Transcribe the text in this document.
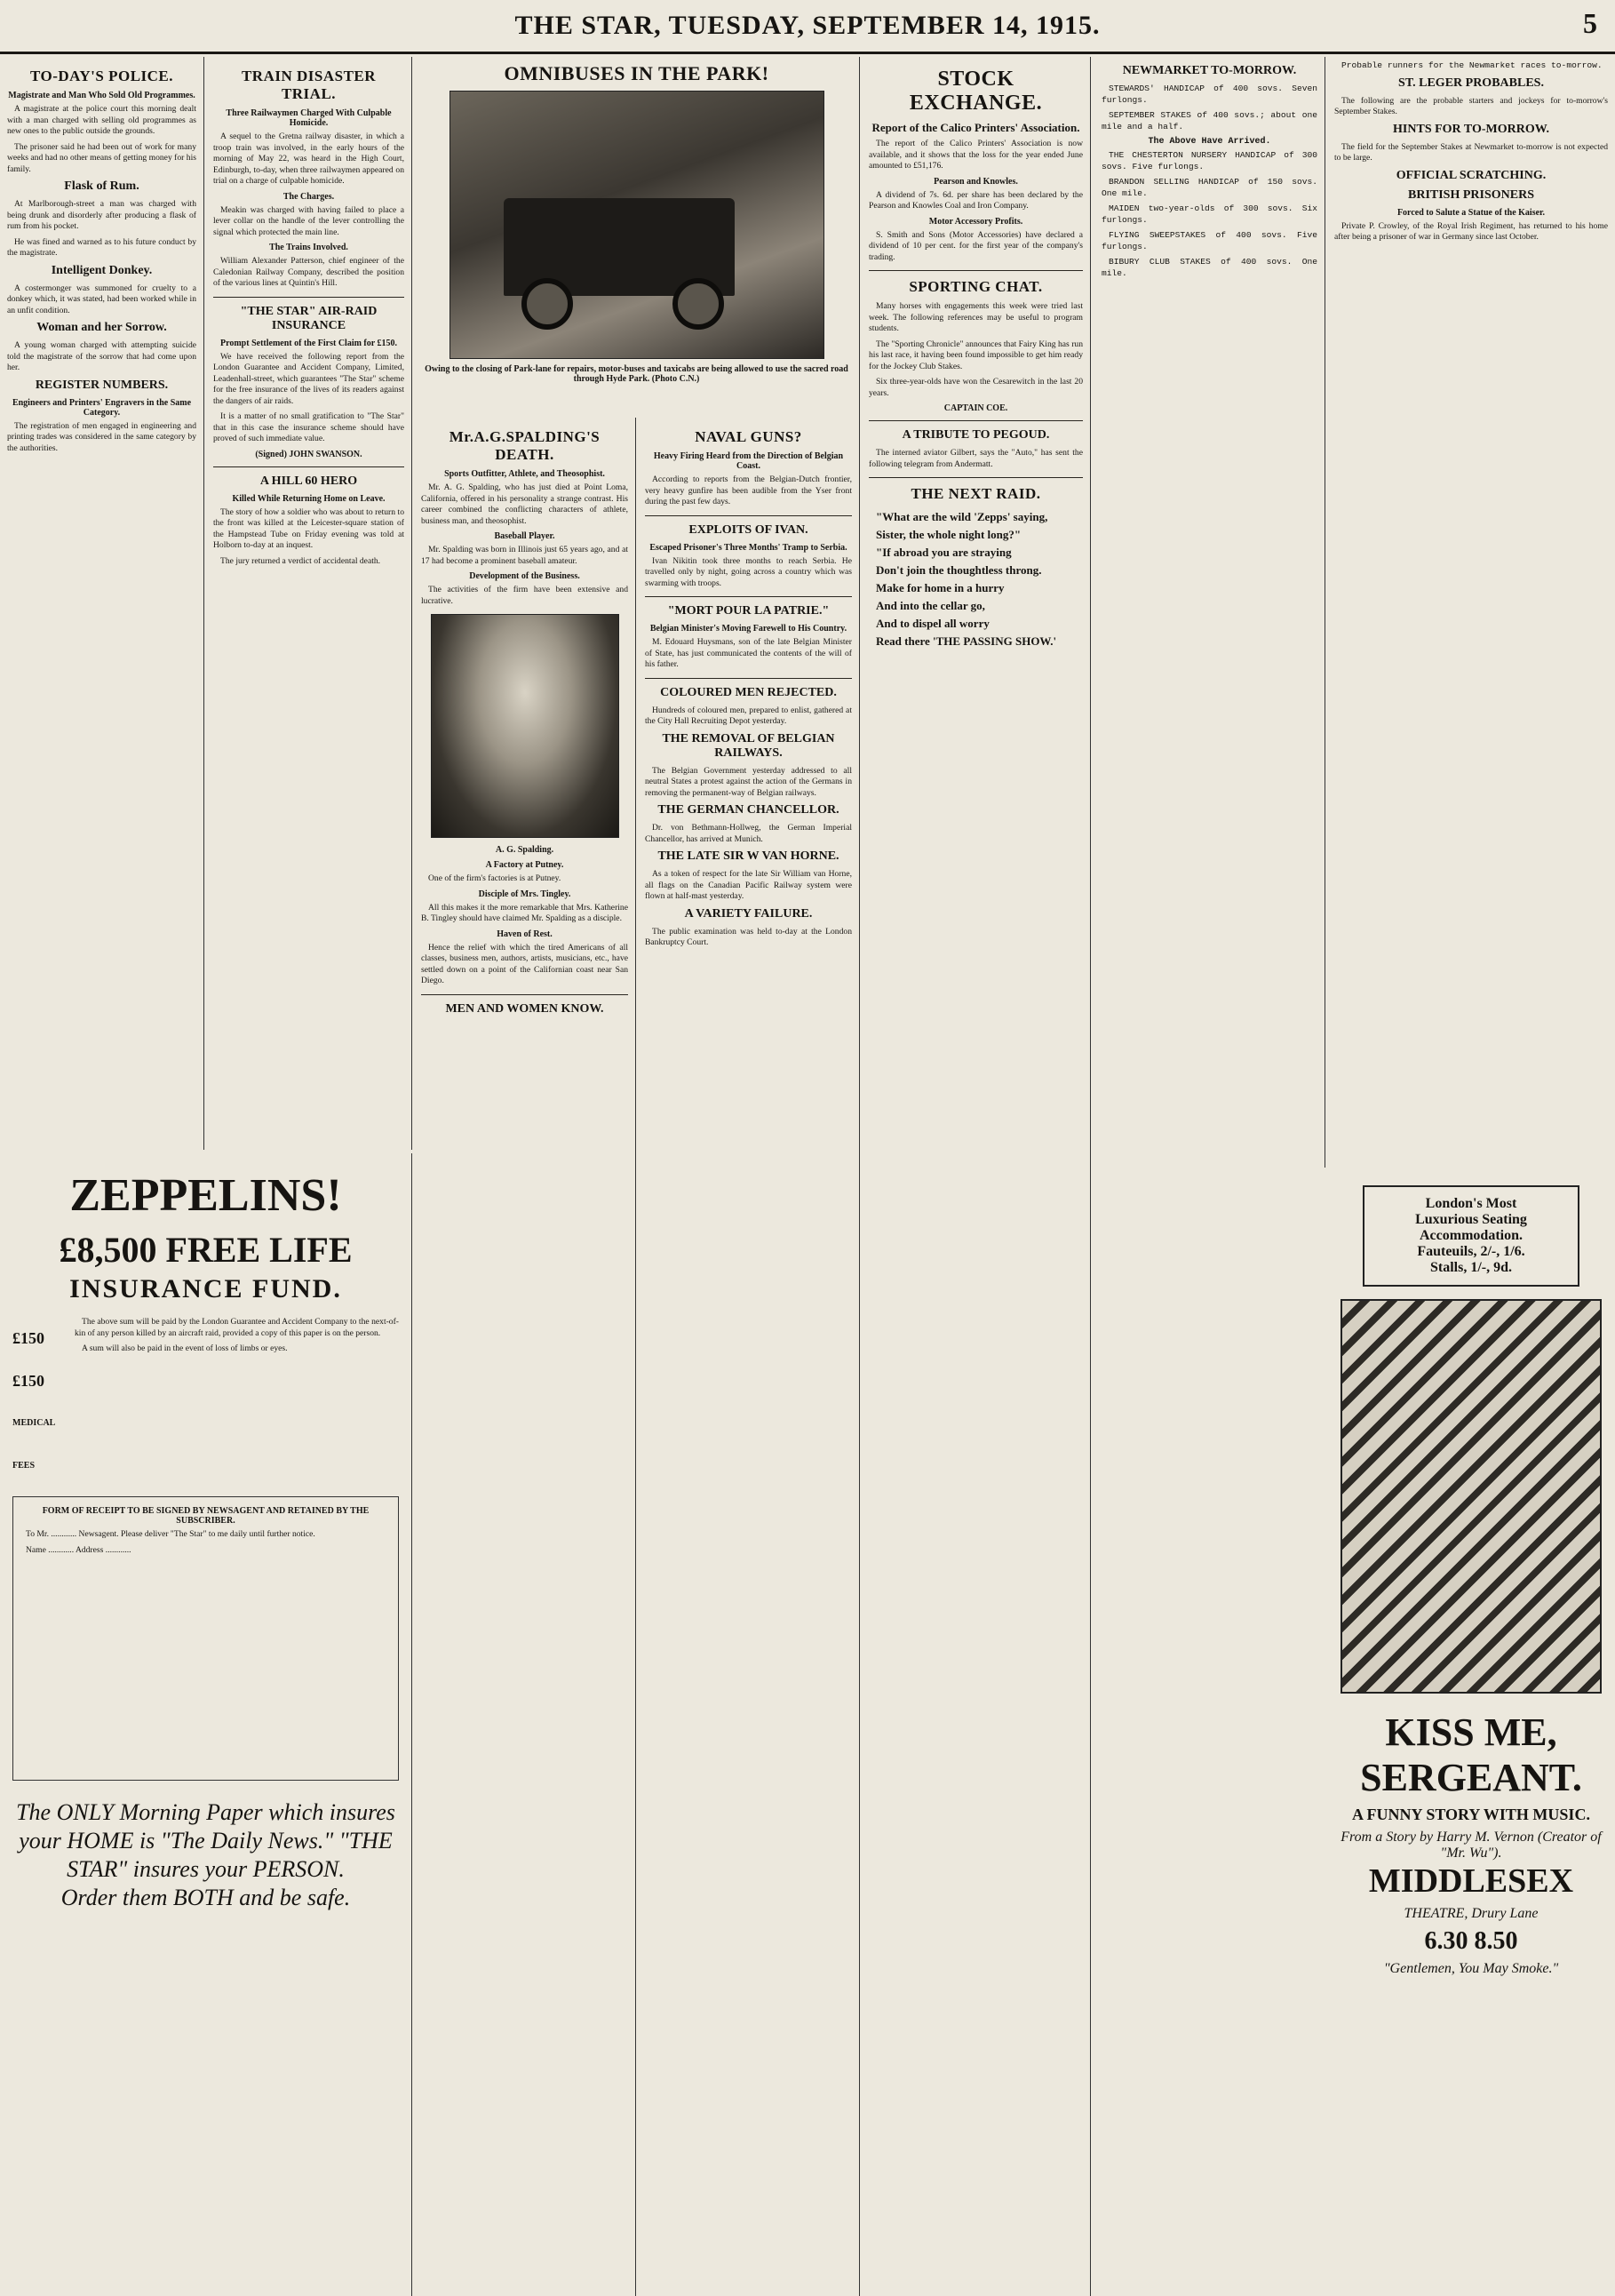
THE STAR, TUESDAY, SEPTEMBER 14, 1915.	5
TO-DAY'S POLICE.
Magistrate and Man Who Sold Old Programmes.

A magistrate at the police court this morning dealt with a man charged with selling old programmes as new ones to the public outside the grounds.

The prisoner said he had been out of work for many weeks and had no other means of getting money for his family.

Flask of Rum.

At Marlborough-street a man was charged with being drunk and disorderly after producing a flask of rum from his pocket.

He was fined and warned as to his future conduct by the magistrate.

Intelligent Donkey.

A costermonger was summoned for cruelty to a donkey which, it was stated, had been worked while in an unfit condition.

Woman and her Sorrow.

A young woman charged with attempting suicide told the magistrate of the sorrow that had come upon her.

REGISTER NUMBERS.
Engineers and Printers' Engravers in the Same Category.

The registration of men engaged in engineering and printing trades was considered in the same category by the authorities.

TRAIN DISASTER TRIAL.
Three Railwaymen Charged With Culpable Homicide.

A sequel to the Gretna railway disaster, in which a troop train was involved, in the early hours of the morning of May 22, was heard in the High Court, Edinburgh, to-day, when three railwaymen appeared on trial on a charge of culpable homicide.

The Charges.

Meakin was charged with having failed to place a lever collar on the handle of the lever controlling the signal which protected the main line.

The Trains Involved.

William Alexander Patterson, chief engineer of the Caledonian Railway Company, described the position of the various lines at Quintin's Hill.

"THE STAR" AIR-RAID INSURANCE
Prompt Settlement of the First Claim for £150.

We have received the following report from the London Guarantee and Accident Company, Limited, Leadenhall-street, which guarantees "The Star" scheme for the free insurance of the lives of its readers against the dangers of air raids.

It is a matter of no small gratification to "The Star" that in this case the insurance scheme should have proved of such immediate value.

(Signed) JOHN SWANSON.
A HILL 60 HERO
Killed While Returning Home on Leave.

The story of how a soldier who was about to return to the front was killed at the Leicester-square station of the Hampstead Tube on Friday evening was told at Holborn to-day at an inquest.

The jury returned a verdict of accidental death.

OMNIBUSES IN THE PARK!
Owing to the closing of Park-lane for repairs, motor-buses and taxicabs are being allowed to use the sacred road through Hyde Park. (Photo C.N.)
Mr.A.G.SPALDING'S DEATH.
Sports Outfitter, Athlete, and Theosophist.

Mr. A. G. Spalding, who has just died at Point Loma, California, offered in his personality a strange contrast. His career combined the conflicting characters of athlete, business man, and theosophist.

Baseball Player.

Mr. Spalding was born in Illinois just 65 years ago, and at 17 had become a prominent baseball amateur.

Development of the Business.

The activities of the firm have been extensive and lucrative.

A. G. Spalding.
A Factory at Putney.

One of the firm's factories is at Putney.

Disciple of Mrs. Tingley.

All this makes it the more remarkable that Mrs. Katherine B. Tingley should have claimed Mr. Spalding as a disciple.

Haven of Rest.

Hence the relief with which the tired Americans of all classes, business men, authors, artists, musicians, etc., have settled down on a point of the Californian coast near San Diego.

MEN AND WOMEN KNOW.
NAVAL GUNS?
Heavy Firing Heard from the Direction of Belgian Coast.

According to reports from the Belgian-Dutch frontier, very heavy gunfire has been audible from the Yser front during the past few days.

EXPLOITS OF IVAN.
Escaped Prisoner's Three Months' Tramp to Serbia.

Ivan Nikitin took three months to reach Serbia. He travelled only by night, going across a country which was swarming with troops.

"MORT POUR LA PATRIE."
Belgian Minister's Moving Farewell to His Country.

M. Edouard Huysmans, son of the late Belgian Minister of State, has just communicated the contents of the will of his father.

COLOURED MEN REJECTED.

Hundreds of coloured men, prepared to enlist, gathered at the City Hall Recruiting Depot yesterday.

THE REMOVAL OF BELGIAN RAILWAYS.

The Belgian Government yesterday addressed to all neutral States a protest against the action of the Germans in removing the permanent-way of Belgian railways.

THE GERMAN CHANCELLOR.

Dr. von Bethmann-Hollweg, the German Imperial Chancellor, has arrived at Munich.

THE LATE SIR W VAN HORNE.

As a token of respect for the late Sir William van Horne, all flags on the Canadian Pacific Railway system were flown at half-mast yesterday.

A VARIETY FAILURE.

The public examination was held to-day at the London Bankruptcy Court.

STOCK EXCHANGE.
Report of the Calico Printers' Association.

The report of the Calico Printers' Association is now available, and it shows that the loss for the year ended June amounted to £51,176.

Pearson and Knowles.

A dividend of 7s. 6d. per share has been declared by the Pearson and Knowles Coal and Iron Company.

Motor Accessory Profits.

S. Smith and Sons (Motor Accessories) have declared a dividend of 10 per cent. for the first year of the company's trading.

SPORTING CHAT.

Many horses with engagements this week were tried last week. The following references may be useful to program students.

The "Sporting Chronicle" announces that Fairy King has run his last race, it having been found impossible to get him ready for the Jockey Club Stakes.

Six three-year-olds have won the Cesarewitch in the last 20 years.

CAPTAIN COE.
A TRIBUTE TO PEGOUD.

The interned aviator Gilbert, says the "Auto," has sent the following telegram from Andermatt.

THE NEXT RAID.
"What are the wild 'Zepps' saying,
Sister, the whole night long?"
"If abroad you are straying
Don't join the thoughtless throng.
Make for home in a hurry
And into the cellar go,
And to dispel all worry
Read there 'THE PASSING SHOW.'
NEWMARKET TO-MORROW.

STEWARDS' HANDICAP of 400 sovs. Seven furlongs.

SEPTEMBER STAKES of 400 sovs.; about one mile and a half.

The Above Have Arrived.

THE CHESTERTON NURSERY HANDICAP of 300 sovs. Five furlongs.

BRANDON SELLING HANDICAP of 150 sovs. One mile.

MAIDEN two-year-olds of 300 sovs. Six furlongs.

FLYING SWEEPSTAKES of 400 sovs. Five furlongs.

BIBURY CLUB STAKES of 400 sovs. One mile.

Probable runners for the Newmarket races to-morrow.

ST. LEGER PROBABLES.

The following are the probable starters and jockeys for to-morrow's September Stakes.

HINTS FOR TO-MORROW.

The field for the September Stakes at Newmarket to-morrow is not expected to be large.

OFFICIAL SCRATCHING.
BRITISH PRISONERS
Forced to Salute a Statue of the Kaiser.

Private P. Crowley, of the Royal Irish Regiment, has returned to his home after being a prisoner of war in Germany since last October.

ZEPPELINS!
£8,500 FREE LIFE
INSURANCE FUND.
£150
£150
MEDICAL FEES

The above sum will be paid by the London Guarantee and Accident Company to the next-of-kin of any person killed by an aircraft raid, provided a copy of this paper is on the person.

A sum will also be paid in the event of loss of limbs or eyes.

FORM OF RECEIPT TO BE SIGNED BY NEWSAGENT AND RETAINED BY THE SUBSCRIBER.

To Mr. ............ Newsagent. Please deliver "The Star" to me daily until further notice.

Name ............ Address ............

The ONLY Morning Paper which insures your HOME is "The Daily News." "THE STAR" insures your PERSON.
Order them BOTH and be safe.
London's Most
Luxurious Seating
Accommodation.
Fauteuils, 2/-, 1/6.
Stalls, 1/-, 9d.
KISS ME, SERGEANT.
A FUNNY STORY WITH MUSIC.
From a Story by Harry M. Vernon (Creator of "Mr. Wu").
MIDDLESEX
THEATRE, Drury Lane
6.30 8.50
"Gentlemen, You May Smoke."
